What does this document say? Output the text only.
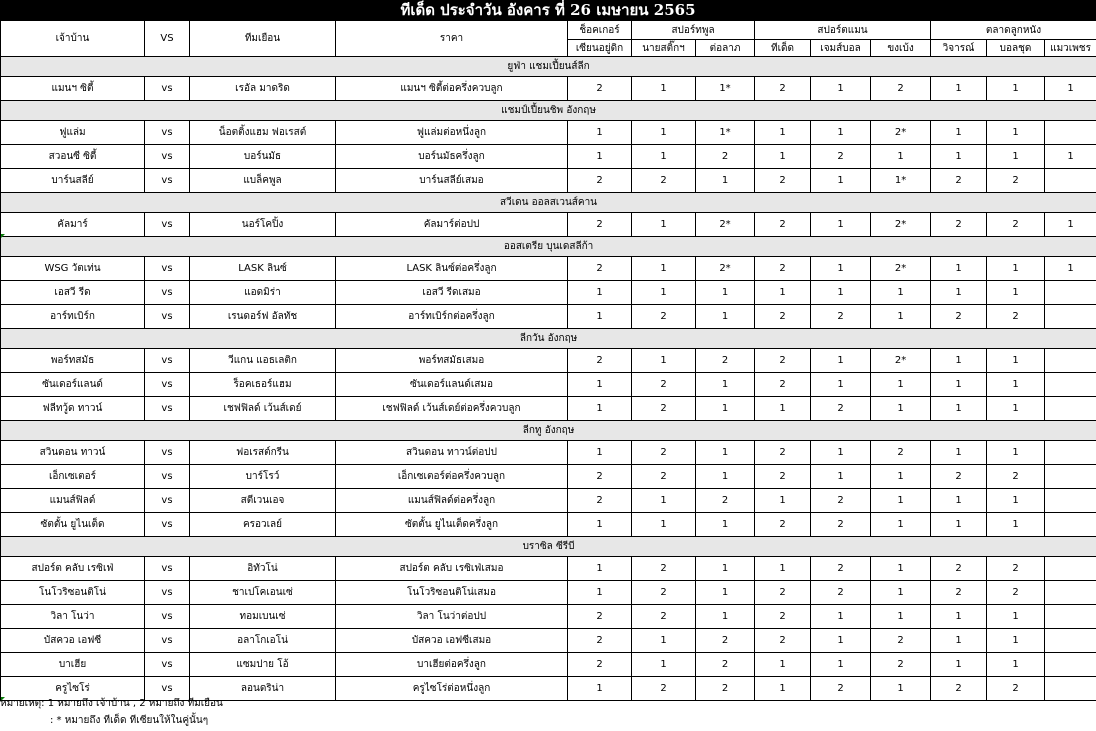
ทีเด็ด ประจำวัน อังคาร ที่ 26 เมษายน 2565
เจ้าบ้าน	VS	ทีมเยือน	ราคา	ช็อคเกอร์	สปอร์ทพูล		สปอร์ตแมน			ตลาดลูกหนัง		
				เซียนอยู่ดิก	นายสติ๊กฯ	ต่อลาภ	ทีเด็ด	เจมส์บอล	ขงเบ้ง	วิจารณ์	บอลชุด	แมวเพชร
ยูฟ่า แชมเปี้ยนส์ลีก												
แมนฯ ซิตี้	vs	เรอัล มาดริด	แมนฯ ซิตี้ต่อครึ่งควบลูก	2	1	1*	2	1	2	1	1	1
แชมป์เปี้ยนชิพ อังกฤษ												
ฟูแล่ม	vs	น็อตติ้งแฮม ฟอเรสต์	ฟูแล่มต่อหนึ่งลูก	1	1	1*	1	1	2*	1	1	
สวอนซี ซิตี้	vs	บอร์นมัธ	บอร์นมัธครึ่งลูก	1	1	2	1	2	1	1	1	1
บาร์นสลีย์	vs	แบล็คพูล	บาร์นสลีย์เสมอ	2	2	1	2	1	1*	2	2	
สวีเดน ออลสเวนส์คาน												
คัลมาร์	vs	นอร์โคปิ้ง	คัลมาร์ต่อปป	2	1	2*	2	1	2*	2	2	1
ออสเตรีย บุนเดสลีก้า												
WSG วัตเท่น	vs	LASK ลินซ์	LASK ลินซ์ต่อครึ่งลูก	2	1	2*	2	1	2*	1	1	1
เอสวี รีด	vs	แอดมิร่า	เอสวี รีดเสมอ	1	1	1	1	1	1	1	1	
อาร์ทเบิร์ก	vs	เรนดอร์ฟ อัลทัช	อาร์ทเบิร์กต่อครึ่งลูก	1	2	1	2	2	1	2	2	
ลีกวัน อังกฤษ												
พอร์ทสมัธ	vs	วีแกน แอธเลติก	พอร์ทสมัธเสมอ	2	1	2	2	1	2*	1	1	
ซันเดอร์แลนด์	vs	ร็อคเธอร์แฮม	ซันเดอร์แลนด์เสมอ	1	2	1	2	1	1	1	1	
ฟลีทวู้ด ทาวน์	vs	เชฟฟิลด์ เว้นส์เดย์	เชฟฟิลด์ เว้นส์เดย์ต่อครึ่งควบลูก	1	2	1	1	2	1	1	1	
ลีกทู อังกฤษ												
สวินดอน ทาวน์	vs	ฟอเรสต์กรีน	สวินดอน ทาวน์ต่อปป	1	2	1	2	1	2	1	1	
เอ็กเซเตอร์	vs	บาร์โรว์	เอ็กเซเตอร์ต่อครึ่งควบลูก	2	2	1	2	1	1	2	2	
แมนส์ฟิลด์	vs	สตีเวนเอจ	แมนส์ฟิลด์ต่อครึ่งลูก	2	1	2	1	2	1	1	1	
ซัตตั้น ยูไนเต็ด	vs	ครอวเลย์	ซัตตั้น ยูไนเต็ดครึ่งลูก	1	1	1	2	2	1	1	1	
บราซิล ซีรีบี												
สปอร์ต คลับ เรซิเฟ่	vs	อิทัวโน่	สปอร์ต คลับ เรซิเฟ่เสมอ	1	2	1	1	2	1	2	2	
โนโวริซอนติโน่	vs	ชาเปโคเอนเซ่	โนโวริซอนติโน่เสมอ	1	2	1	2	2	1	2	2	
วิลา โนว่า	vs	ทอมเบนเซ่	วิลา โนว่าต่อปป	2	2	1	2	1	1	1	1	
บัสควอ เอฟซี	vs	อลาโกเอโน่	บัสควอ เอฟซีเสมอ	2	1	2	2	1	2	1	1	
บาเฮีย	vs	แซมปาย โอ้	บาเฮียต่อครึ่งลูก	2	1	2	1	1	2	1	1	
ครูไซโร่	vs	ลอนดริน่า	ครูไซโร่ต่อหนึ่งลูก	1	2	2	1	2	1	2	2	
หมายเหตุ: 1 หมายถึง เจ้าบ้าน , 2 หมายถึง ทีมเยือน
: * หมายถึง ทีเด็ด ทีเซียนให้ในคู่นั้นๆ
